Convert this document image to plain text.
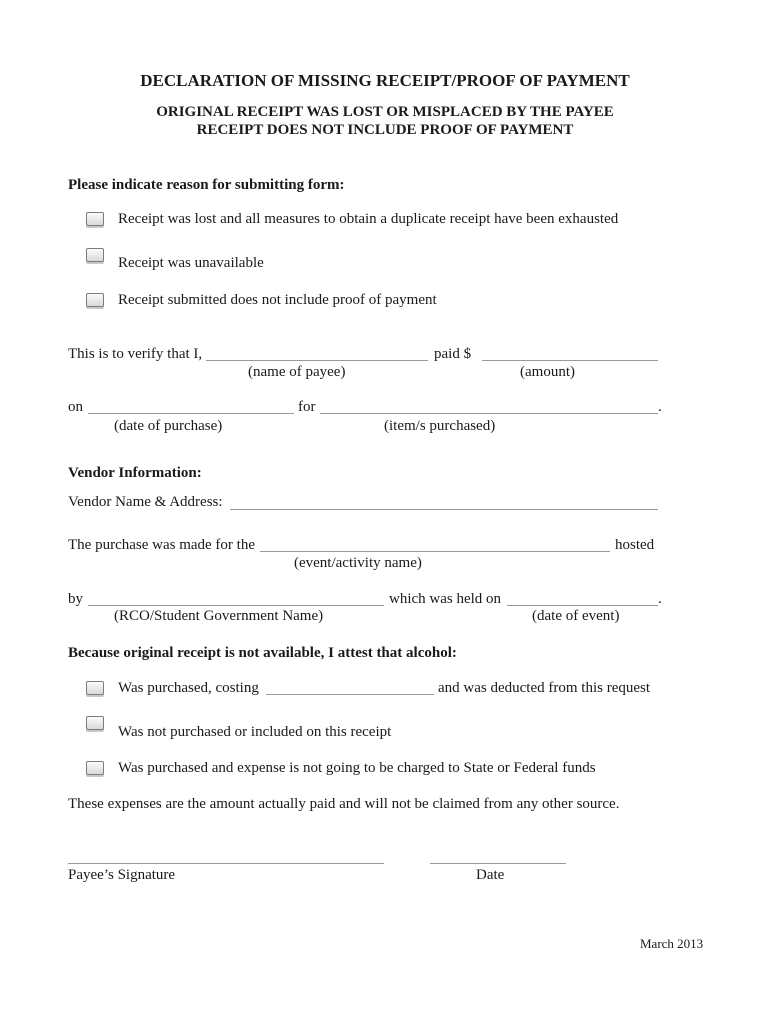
DECLARATION OF MISSING RECEIPT/PROOF OF PAYMENT
ORIGINAL RECEIPT WAS LOST OR MISPLACED BY THE PAYEE
RECEIPT DOES NOT INCLUDE PROOF OF PAYMENT
Please indicate reason for submitting form:
Receipt was lost and all measures to obtain a duplicate receipt have been exhausted
Receipt was unavailable
Receipt submitted does not include proof of payment
This is to verify that I,	paid $
(name of payee)	(amount)
on	for	.
(date of purchase)	(item/s purchased)
Vendor Information:
Vendor Name & Address:
The purchase was made for the	hosted
(event/activity name)
by	which was held on	.
(RCO/Student Government Name)	(date of event)
Because original receipt is not available, I attest that alcohol:
Was purchased, costing	and was deducted from this request
Was not purchased or included on this receipt
Was purchased and expense is not going to be charged to State or Federal funds
These expenses are the amount actually paid and will not be claimed from any other source.
Payee’s Signature	Date
March 2013
